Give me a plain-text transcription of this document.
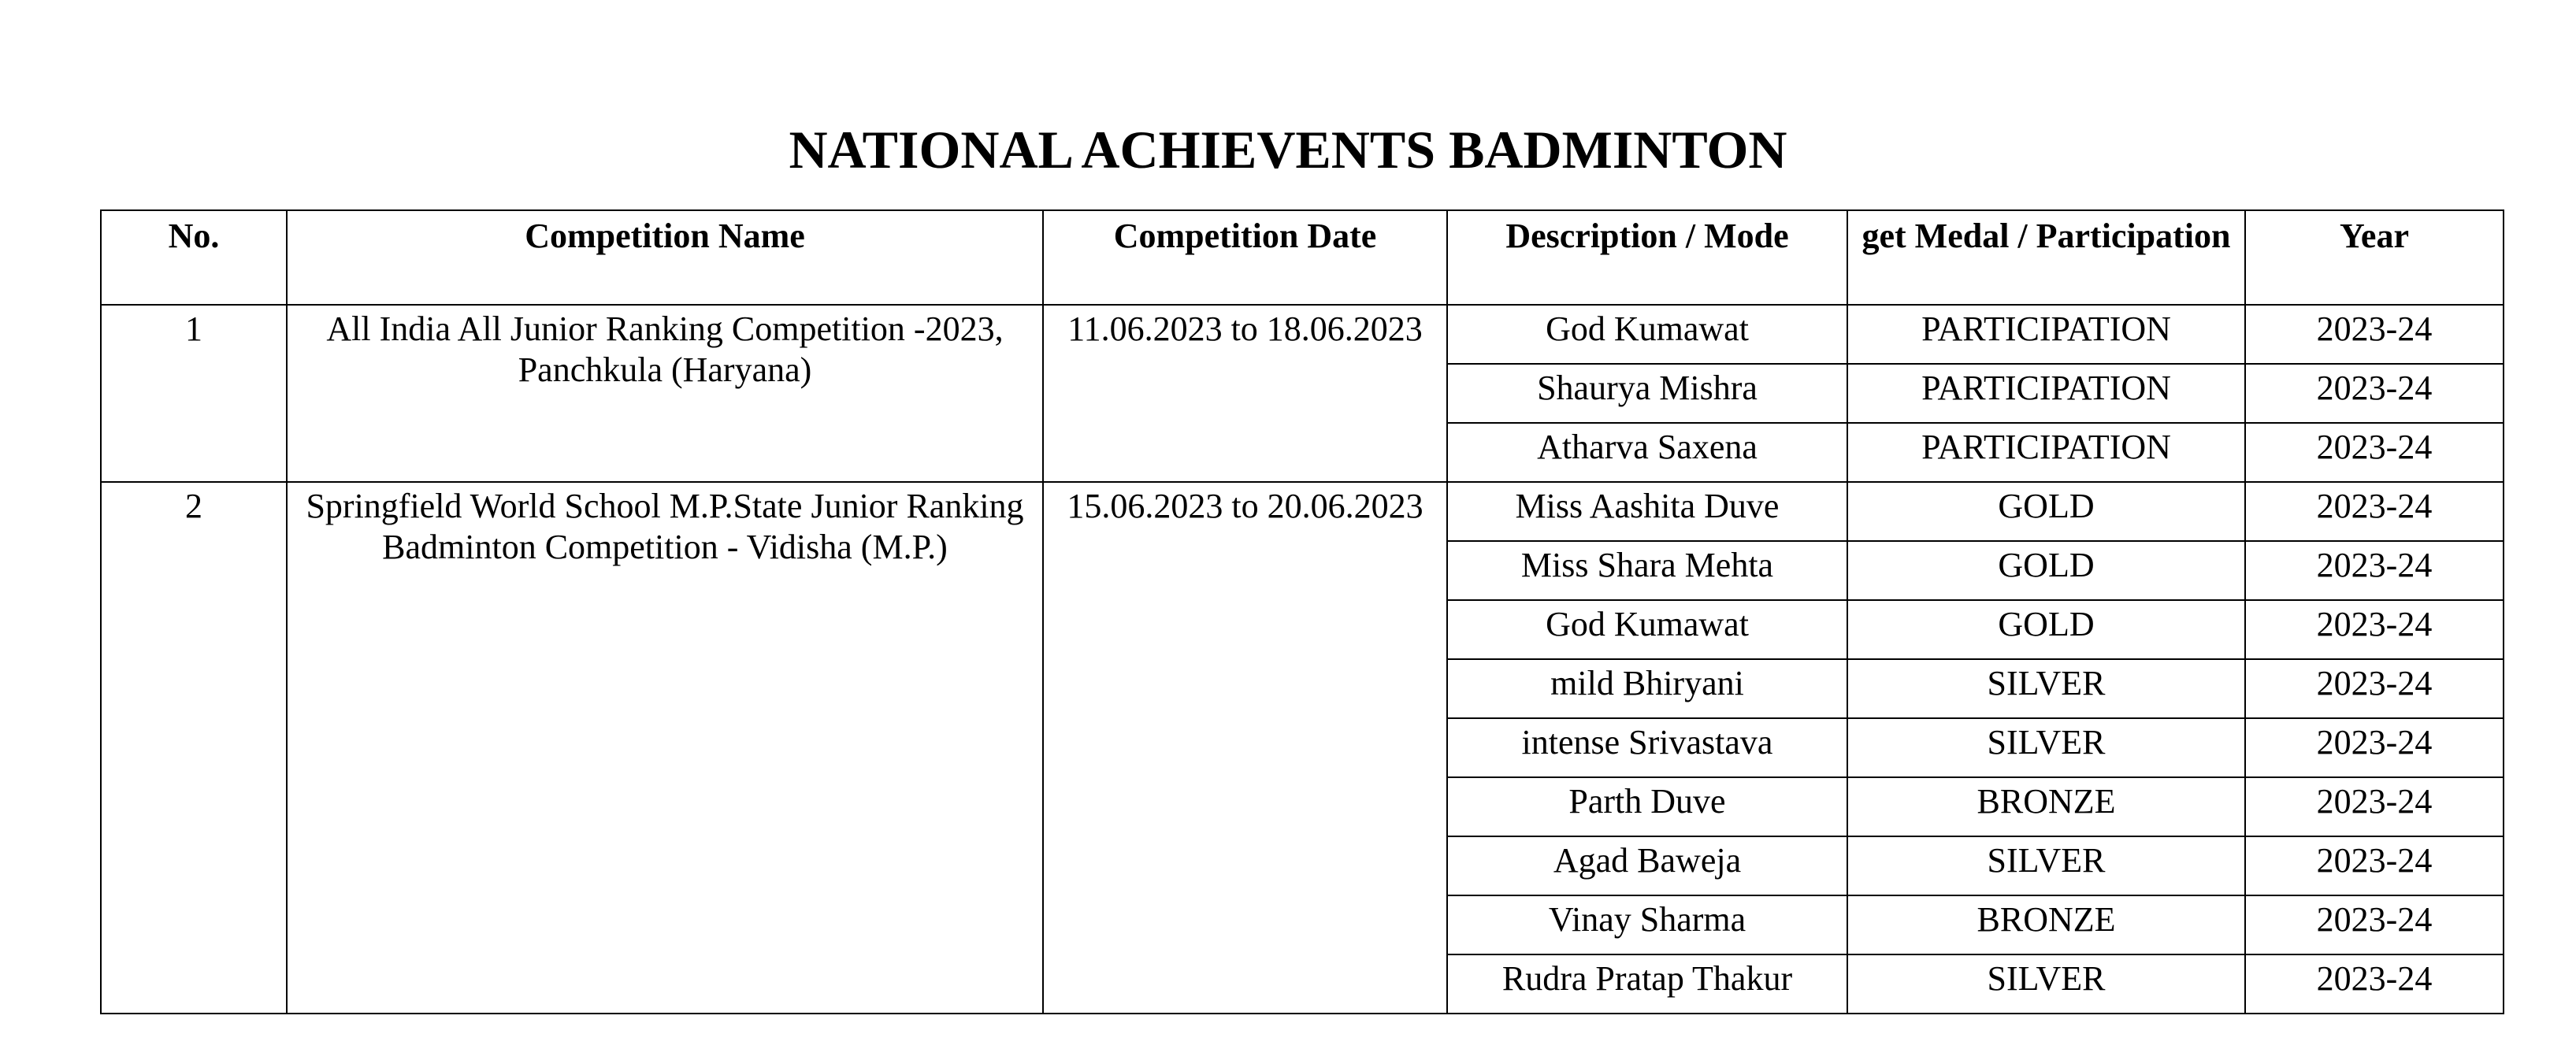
NATIONAL ACHIEVENTS BADMINTON
No.	Competition Name	Competition Date	Description / Mode	get Medal / Participation	Year
1	All India All Junior Ranking Competition -2023, Panchkula (Haryana)	11.06.2023 to 18.06.2023	God Kumawat	PARTICIPATION	2023-24
			Shaurya Mishra	PARTICIPATION	2023-24
			Atharva Saxena	PARTICIPATION	2023-24
2	Springfield World School M.P.State Junior Ranking Badminton Competition - Vidisha (M.P.)	15.06.2023 to 20.06.2023	Miss Aashita Duve	GOLD	2023-24
			Miss Shara Mehta	GOLD	2023-24
			God Kumawat	GOLD	2023-24
			mild Bhiryani	SILVER	2023-24
			intense Srivastava	SILVER	2023-24
			Parth Duve	BRONZE	2023-24
			Agad Baweja	SILVER	2023-24
			Vinay Sharma	BRONZE	2023-24
			Rudra Pratap Thakur	SILVER	2023-24
